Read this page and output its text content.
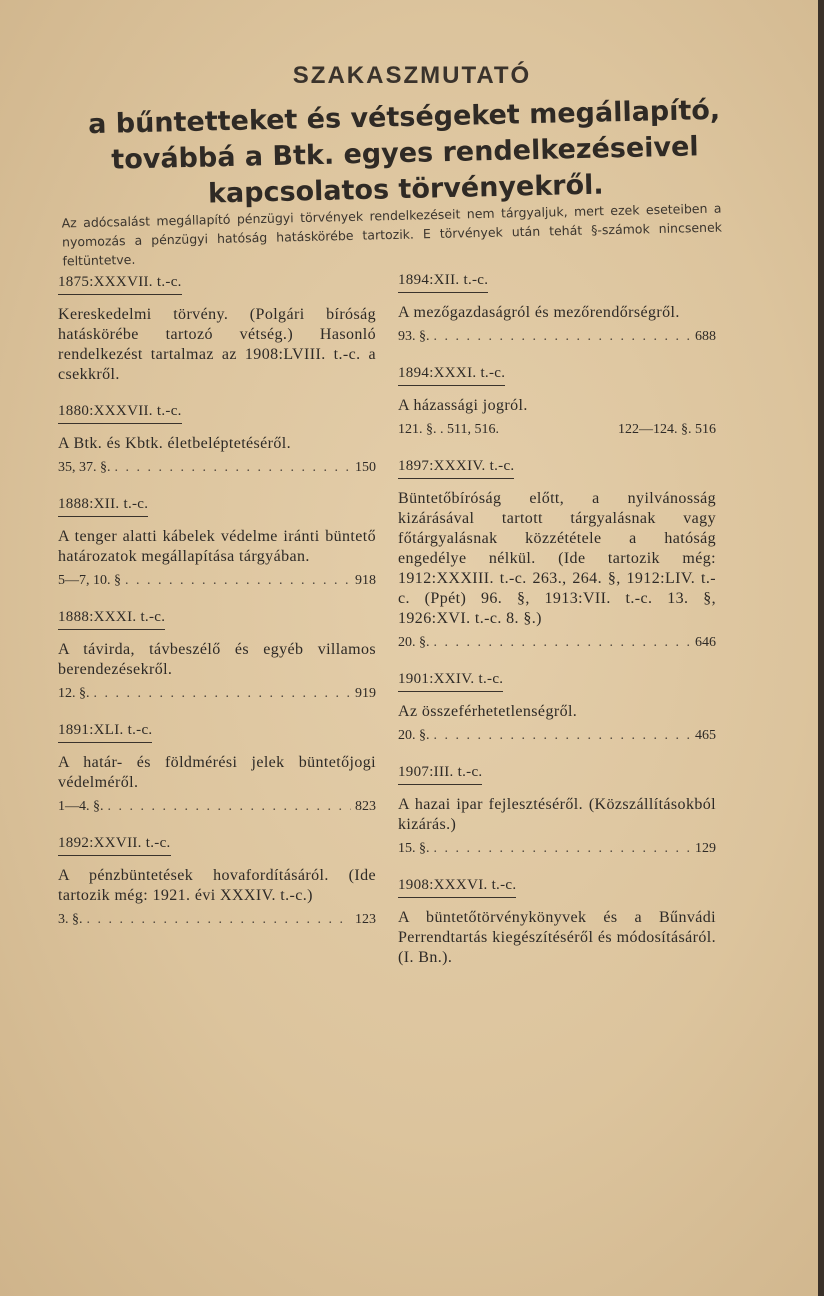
SZAKASZMUTATÓ
a bűntetteket és vétségeket megállapító,
továbbá a Btk. egyes rendelkezéseivel
kapcsolatos törvényekről.
Az adócsalást megállapító pénzügyi törvények rendelkezéseit nem tárgyaljuk, mert ezek eseteiben a nyomozás a pénzügyi hatóság hatáskörébe tartozik. E törvények után tehát §-számok nincsenek feltüntetve.
1875:XXXVII. t.-c.
Kereskedelmi törvény. (Polgári bíróság hatáskörébe tartozó vétség.) Hasonló rendelkezést tartalmaz az 1908:LVIII. t.-c. a csekkről.
1880:XXXVII. t.-c.
A Btk. és Kbtk. életbeléptetéséről.
35, 37. §. . . .	150
1888:XII. t.-c.
A tenger alatti kábelek védelme iránti büntető határozatok megállapítása tárgyában.
5—7, 10. § . . .	918
1888:XXXI. t.-c.
A távirda, távbeszélő és egyéb villamos berendezésekről.
12. §. . . .	919
1891:XLI. t.-c.
A határ- és földmérési jelek büntetőjogi védelméről.
1—4. §. . . .	823
1892:XXVII. t.-c.
A pénzbüntetések hovafordításáról. (Ide tartozik még: 1921. évi XXXIV. t.-c.)
3. §. . . .	123
1894:XII. t.-c.
A mezőgazdaságról és mezőrendőrségről.
93. §. . . .	688
1894:XXXI. t.-c.
A házassági jogról.
121. §. . 511, 516.	122—124. §. 516
1897:XXXIV. t.-c.
Büntetőbíróság előtt, a nyilvánosság kizárásával tartott tárgyalásnak vagy főtárgyalásnak közzététele a hatóság engedélye nélkül. (Ide tartozik még: 1912:XXXIII. t.-c. 263., 264. §, 1912:LIV. t.-c. (Ppét) 96. §, 1913:VII. t.-c. 13. §, 1926:XVI. t.-c. 8. §.)
20. §. . . .	646
1901:XXIV. t.-c.
Az összeférhetetlenségről.
20. §. . . .	465
1907:III. t.-c.
A hazai ipar fejlesztéséről. (Közszállításokból kizárás.)
15. §. . . .	129
1908:XXXVI. t.-c.
A büntetőtörvénykönyvek és a Bűnvádi Perrendtartás kiegészítéséről és módosításáról. (I. Bn.).
